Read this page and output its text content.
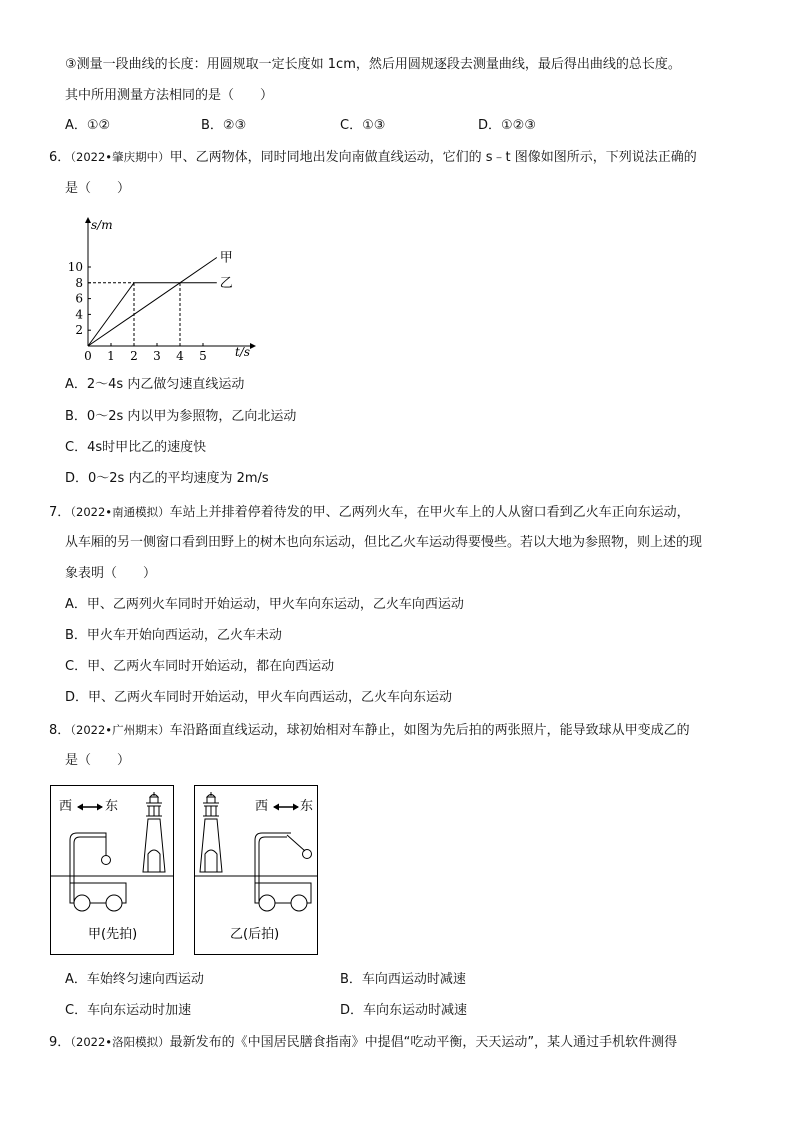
③测量一段曲线的长度：用圆规取一定长度如 1cm，然后用圆规逐段去测量曲线，最后得出曲线的总长度。
其中所用测量方法相同的是（　　）
A．①②	B．②③	C．①③	D．①②③
6．（2022•肇庆期中）甲、乙两物体，同时同地出发向南做直线运动，它们的 s﹣t 图像如图所示，下列说法正确的
是（　　）
s/m
t/s
2
4
6
8
10
0 1 2 3 4 5
甲
乙
A．2～4s 内乙做匀速直线运动
B．0～2s 内以甲为参照物，乙向北运动
C．4s时甲比乙的速度快
D．0～2s 内乙的平均速度为 2m/s
7．（2022•南通模拟）车站上并排着停着待发的甲、乙两列火车，在甲火车上的人从窗口看到乙火车正向东运动，
从车厢的另一侧窗口看到田野上的树木也向东运动，但比乙火车运动得要慢些。若以大地为参照物，则上述的现
象表明（　　）
A．甲、乙两列火车同时开始运动，甲火车向东运动，乙火车向西运动
B．甲火车开始向西运动，乙火车未动
C．甲、乙两火车同时开始运动，都在向西运动
D．甲、乙两火车同时开始运动，甲火车向西运动，乙火车向东运动
8．（2022•广州期末）车沿路面直线运动，球初始相对车静止，如图为先后拍的两张照片，能导致球从甲变成乙的
是（　　）
西	东
甲(先拍)
西 东
乙(后拍)
A．车始终匀速向西运动	B．车向西运动时减速
C．车向东运动时加速	D．车向东运动时减速
9．（2022•洛阳模拟）最新发布的《中国居民膳食指南》中提倡“吃动平衡，天天运动”，某人通过手机软件测得
